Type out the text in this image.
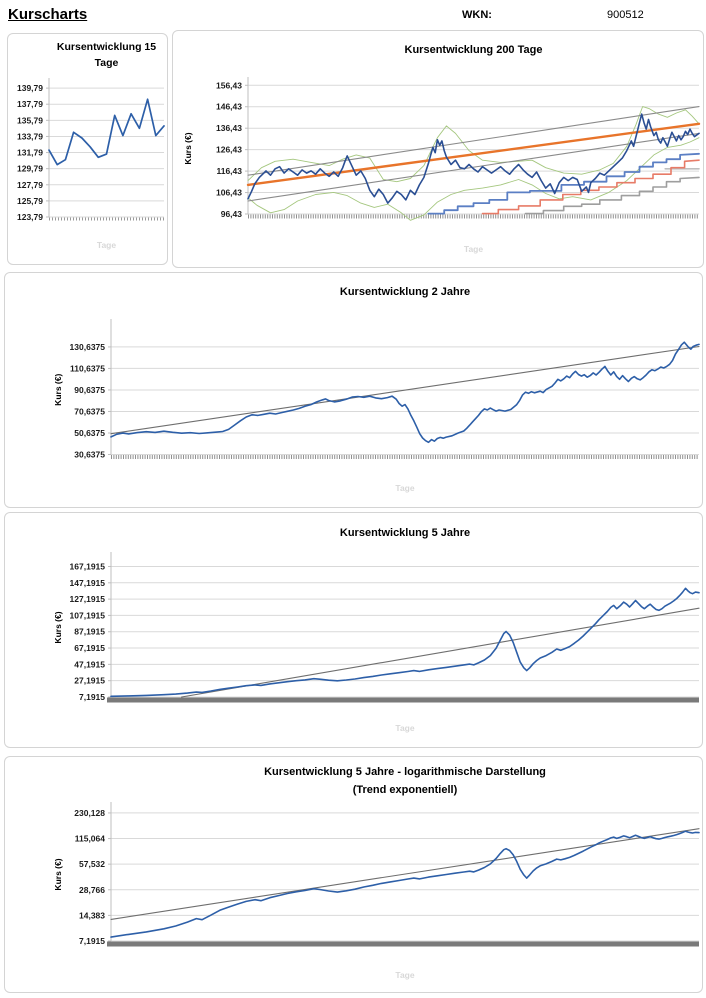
Kurscharts	WKN:	900512
139,79
137,79
135,79
133,79
131,79
129,79
127,79
125,79
123,79
Kursentwicklung 15
Tage
Tage
156,43
146,43
136,43
126,43
116,43
106,43
96,43
Kursentwicklung 200 Tage
Kurs (€)
Tage
130,6375
110,6375
90,6375
70,6375
50,6375
30,6375
Kursentwicklung 2 Jahre
Kurs (€)
Tage
167,1915
147,1915
127,1915
107,1915
87,1915
67,1915
47,1915
27,1915
7,1915
Kursentwicklung 5 Jahre
Kurs (€)
Tage
230,128
115,064
57,532
28,766
14,383
7,1915
Kursentwicklung 5 Jahre - logarithmische Darstellung
(Trend exponentiell)
Kurs (€)
Tage
